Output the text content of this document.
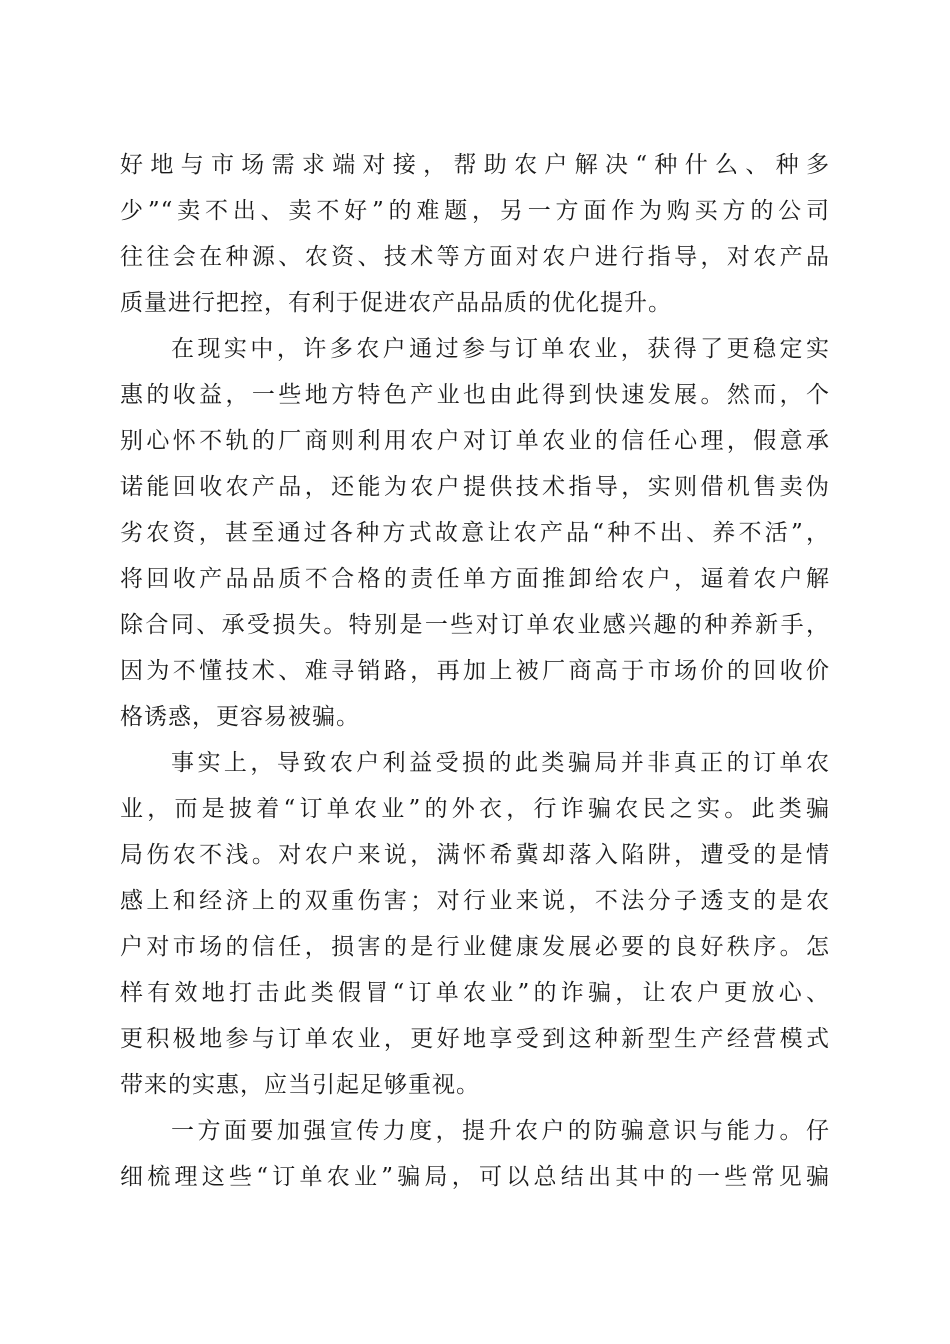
好地与市场需求端对接，帮助农户解决“种什么、种多
少”“卖不出、卖不好”的难题，另一方面作为购买方的公司
往往会在种源、农资、技术等方面对农户进行指导，对农产品
质量进行把控，有利于促进农产品品质的优化提升。
在现实中，许多农户通过参与订单农业，获得了更稳定实
惠的收益，一些地方特色产业也由此得到快速发展。然而，个
别心怀不轨的厂商则利用农户对订单农业的信任心理，假意承
诺能回收农产品，还能为农户提供技术指导，实则借机售卖伪
劣农资，甚至通过各种方式故意让农产品“种不出、养不活”，
将回收产品品质不合格的责任单方面推卸给农户，逼着农户解
除合同、承受损失。特别是一些对订单农业感兴趣的种养新手，
因为不懂技术、难寻销路，再加上被厂商高于市场价的回收价
格诱惑，更容易被骗。
事实上，导致农户利益受损的此类骗局并非真正的订单农
业，而是披着“订单农业”的外衣，行诈骗农民之实。此类骗
局伤农不浅。对农户来说，满怀希冀却落入陷阱，遭受的是情
感上和经济上的双重伤害；对行业来说，不法分子透支的是农
户对市场的信任，损害的是行业健康发展必要的良好秩序。怎
样有效地打击此类假冒“订单农业”的诈骗，让农户更放心、
更积极地参与订单农业，更好地享受到这种新型生产经营模式
带来的实惠，应当引起足够重视。
一方面要加强宣传力度，提升农户的防骗意识与能力。仔
细梳理这些“订单农业”骗局，可以总结出其中的一些常见骗
